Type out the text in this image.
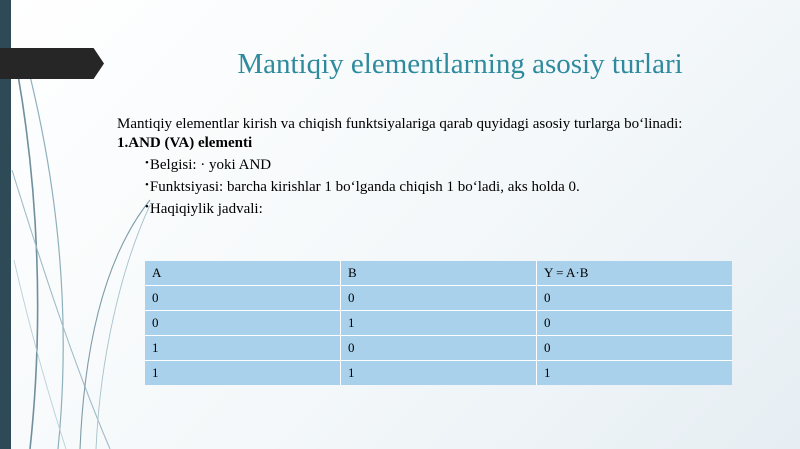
Mantiqiy elementlarning asosiy turlari
Mantiqiy elementlar kirish va chiqish funktsiyalariga qarab quyidagi asosiy turlarga bo‘linadi:
1.AND (VA) elementi
•Belgisi: · yoki AND
•Funktsiyasi: barcha kirishlar 1 bo‘lganda chiqish 1 bo‘ladi, aks holda 0.
•Haqiqiylik jadvali:
A	B	Y = A·B
0	0	0
0	1	0
1	0	0
1	1	1
